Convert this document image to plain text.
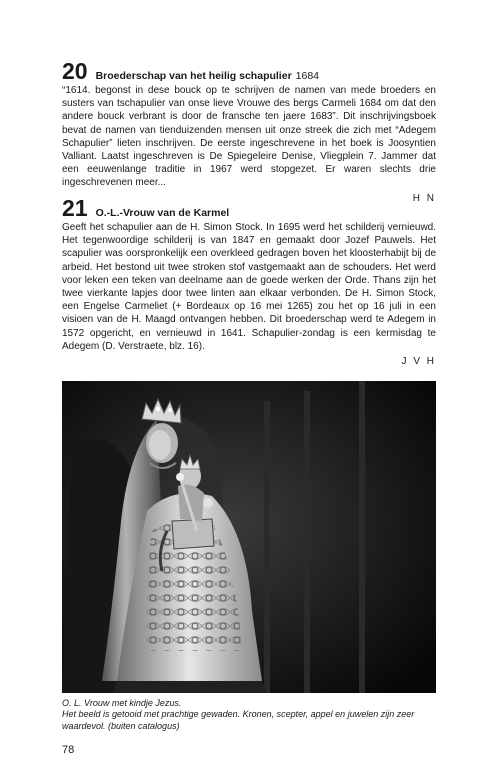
20 Broederschap van het heilig schapulier 1684

“1614. begonst in dese bouck op te schrijven de namen van mede broeders en susters van tschapulier van onse lieve Vrouwe des bergs Carmeli 1684 om dat den andere bouck verbrant is door de fransche ten jaere 1683”. Dit inschrijvingsboek bevat de namen van tienduizenden mensen uit onze streek die zich met “Adegem Schapulier” lieten inschrijven. De eerste ingeschrevene in het boek is Joosyntien Valliant. Laatst ingeschreven is De Spiegeleire Denise, Vliegplein 7. Jammer dat een eeuwenlange traditie in 1967 werd stopgezet. Er waren slechts drie ingeschrevenen meer...

H N
21 O.-L.-Vrouw van de Karmel

Geeft het schapulier aan de H. Simon Stock. In 1695 werd het schilderij vernieuwd. Het tegenwoordige schilderij is van 1847 en gemaakt door Jozef Pauwels. Het scapulier was oorspronkelijk een overkleed gedragen boven het kloosterhabijt bij de arbeid. Het bestond uit twee stroken stof vastgemaakt aan de schouders. Het werd voor leken een teken van deelname aan de goede werken der Orde. Thans zijn het twee vierkante lapjes door twee linten aan elkaar verbonden. De H. Simon Stock, een Engelse Carmeliet (+ Bordeaux op 16 mei 1265) zou het op 16 juli in een visioen van de H. Maagd ontvangen hebben. Dit broederschap werd te Adegem in 1572 opgericht, en vernieuwd in 1641. Schapulier-zondag is een kermisdag te Adegem (D. Verstraete, blz. 16).

J V H
O. L. Vrouw met kindje Jezus.
Het beeld is getooid met prachtige gewaden. Kronen, scepter, appel en juwelen zijn zeer waardevol. (buiten catalogus)
78
